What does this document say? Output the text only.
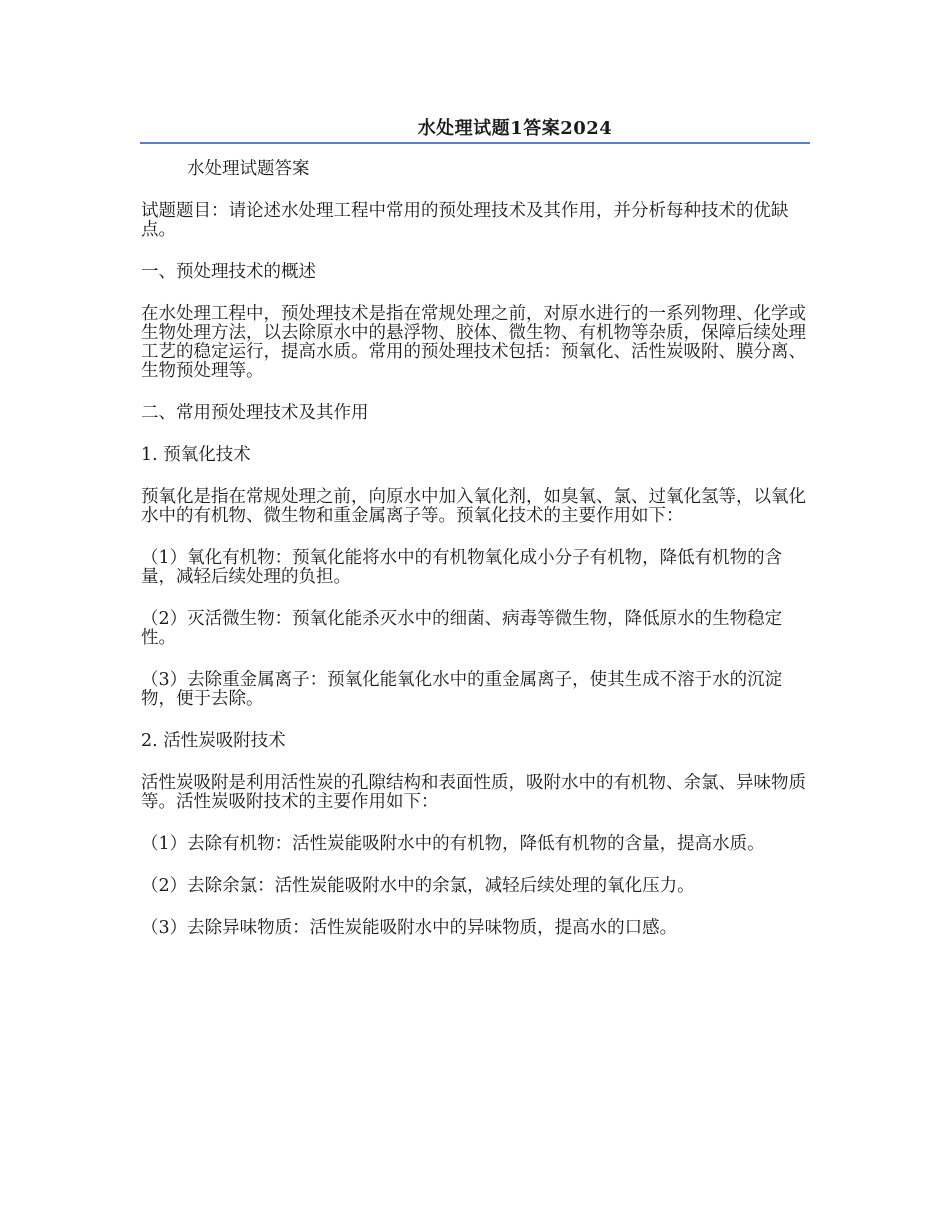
水处理试题1答案2024

水处理试题答案

试题题目：请论述水处理工程中常用的预处理技术及其作用，并分析每种技术的优缺点。

一、预处理技术的概述

在水处理工程中，预处理技术是指在常规处理之前，对原水进行的一系列物理、化学或生物处理方法，以去除原水中的悬浮物、胶体、微生物、有机物等杂质，保障后续处理工艺的稳定运行，提高水质。常用的预处理技术包括：预氧化、活性炭吸附、膜分离、生物预处理等。

二、常用预处理技术及其作用

1. 预氧化技术

预氧化是指在常规处理之前，向原水中加入氧化剂，如臭氧、氯、过氧化氢等，以氧化水中的有机物、微生物和重金属离子等。预氧化技术的主要作用如下：

（1）氧化有机物：预氧化能将水中的有机物氧化成小分子有机物，降低有机物的含量，减轻后续处理的负担。

（2）灭活微生物：预氧化能杀灭水中的细菌、病毒等微生物，降低原水的生物稳定性。

（3）去除重金属离子：预氧化能氧化水中的重金属离子，使其生成不溶于水的沉淀物，便于去除。

2. 活性炭吸附技术

活性炭吸附是利用活性炭的孔隙结构和表面性质，吸附水中的有机物、余氯、异味物质等。活性炭吸附技术的主要作用如下：

（1）去除有机物：活性炭能吸附水中的有机物，降低有机物的含量，提高水质。

（2）去除余氯：活性炭能吸附水中的余氯，减轻后续处理的氧化压力。

（3）去除异味物质：活性炭能吸附水中的异味物质，提高水的口感。
